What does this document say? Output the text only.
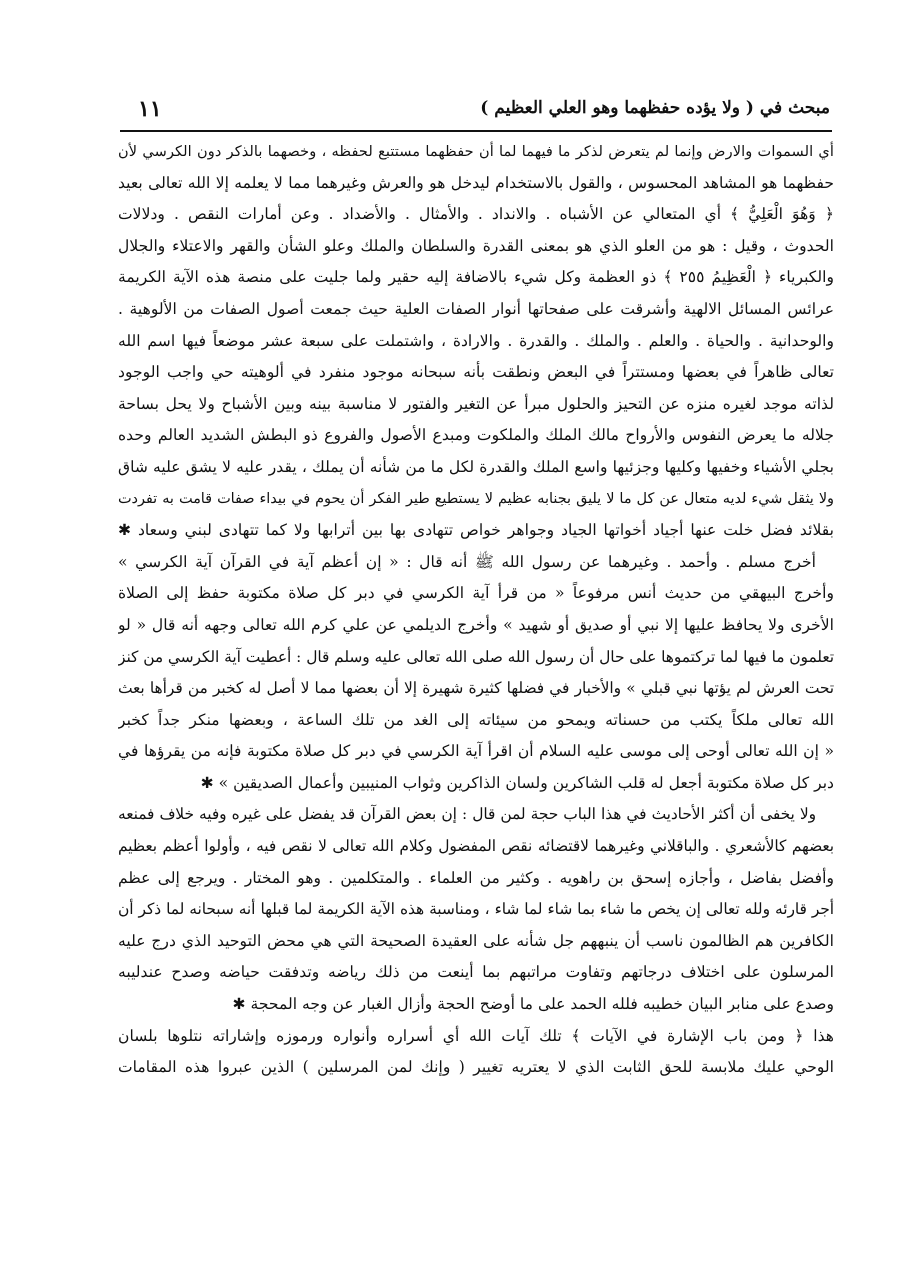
مبحث في ( ولا يؤده حفظهما وهو العلي العظيم )
١١
أي السموات والارض وإنما لم يتعرض لذكر ما فيهما لما أن حفظهما مستتبع لحفظه ، وخصهما بالذكر دون الكرسي لأن
حفظهما هو المشاهد المحسوس ، والقول بالاستخدام ليدخل هو والعرش وغيرهما مما لا يعلمه إلا الله تعالى بعيد
﴿ وَهُوَ الْعَلِيُّ ﴾ أي المتعالي عن الأشباه . والانداد . والأمثال . والأضداد . وعن أمارات النقص . ودلالات
الحدوث ، وقيل : هو من العلو الذي هو بمعنى القدرة والسلطان والملك وعلو الشأن والقهر والاعتلاء والجلال
والكبرياء ﴿ الْعَظِيمُ ٢٥٥ ﴾ ذو العظمة وكل شيء بالاضافة إليه حقير ولما جليت على منصة هذه الآية الكريمة
عرائس المسائل الالهية وأشرقت على صفحاتها أنوار الصفات العلية حيث جمعت أصول الصفات من الألوهية .
والوحدانية . والحياة . والعلم . والملك . والقدرة . والارادة ، واشتملت على سبعة عشر موضعاً فيها اسم الله
تعالى ظاهراً في بعضها ومستتراً في البعض ونطقت بأنه سبحانه موجود منفرد في ألوهيته حي واجب الوجود
لذاته موجد لغيره منزه عن التحيز والحلول مبرأ عن التغير والفتور لا مناسبة بينه وبين الأشباح ولا يحل بساحة
جلاله ما يعرض النفوس والأرواح مالك الملك والملكوت ومبدع الأصول والفروع ذو البطش الشديد العالم وحده
بجلي الأشياء وخفيها وكليها وجزئيها واسع الملك والقدرة لكل ما من شأنه أن يملك ، يقدر عليه لا يشق عليه شاق
ولا يثقل شيء لديه متعال عن كل ما لا يليق بجنابه عظيم لا يستطيع طير الفكر أن يحوم في بيداء صفات قامت به تفردت
بقلائد فضل خلت عنها أجياد أخواتها الجياد وجواهر خواص تتهادى بها بين أترابها ولا كما تتهادى لبني وسعاد ✱
أخرج مسلم . وأحمد . وغيرهما عن رسول الله ﷺ أنه قال : « إن أعظم آية في القرآن آية الكرسي »
وأخرج البيهقي من حديث أنس مرفوعاً « من قرأ آية الكرسي في دبر كل صلاة مكتوبة حفظ إلى الصلاة
الأخرى ولا يحافظ عليها إلا نبي أو صديق أو شهيد » وأخرج الديلمي عن علي كرم الله تعالى وجهه أنه قال « لو
تعلمون ما فيها لما تركتموها على حال أن رسول الله صلى الله تعالى عليه وسلم قال : أعطيت آية الكرسي من كنز
تحت العرش لم يؤتها نبي قبلي » والأخبار في فضلها كثيرة شهيرة إلا أن بعضها مما لا أصل له كخبر من قرأها بعث
الله تعالى ملكاً يكتب من حسناته ويمحو من سيئاته إلى الغد من تلك الساعة ، وبعضها منكر جداً كخبر
« إن الله تعالى أوحى إلى موسى عليه السلام أن اقرأ آية الكرسي في دبر كل صلاة مكتوبة فإنه من يقرؤها في
دبر كل صلاة مكتوبة أجعل له قلب الشاكرين ولسان الذاكرين وثواب المنيبين وأعمال الصديقين » ✱
ولا يخفى أن أكثر الأحاديث في هذا الباب حجة لمن قال : إن بعض القرآن قد يفضل على غيره وفيه خلاف فمنعه
بعضهم كالأشعري . والباقلاني وغيرهما لاقتضائه نقص المفضول وكلام الله تعالى لا نقص فيه ، وأولوا أعظم بعظيم
وأفضل بفاضل ، وأجازه إسحق بن راهويه . وكثير من العلماء . والمتكلمين . وهو المختار . ويرجع إلى عظم
أجر قارئه ولله تعالى إن يخص ما شاء بما شاء لما شاء ، ومناسبة هذه الآية الكريمة لما قبلها أنه سبحانه لما ذكر أن
الكافرين هم الظالمون ناسب أن ينبههم جل شأنه على العقيدة الصحيحة التي هي محض التوحيد الذي درج عليه
المرسلون على اختلاف درجاتهم وتفاوت مراتبهم بما أينعت من ذلك رياضه وتدفقت حياضه وصدح عندليبه
وصدع على منابر البيان خطيبه فلله الحمد على ما أوضح الحجة وأزال الغبار عن وجه المحجة ✱
هذا ﴿ ومن باب الإشارة في الآيات ﴾ تلك آيات الله أي أسراره وأنواره ورموزه وإشاراته نتلوها بلسان
الوحي عليك ملابسة للحق الثابت الذي لا يعتريه تغيير ( وإنك لمن المرسلين ) الذين عبروا هذه المقامات
